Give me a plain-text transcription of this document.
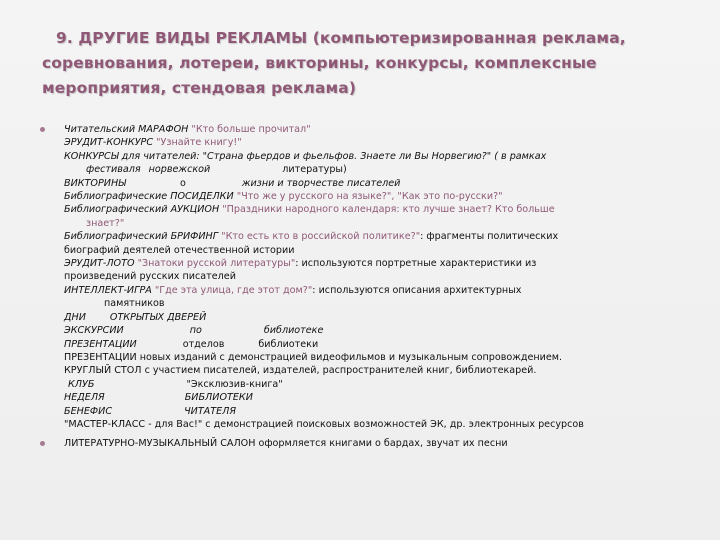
9. ДРУГИЕ ВИДЫ РЕКЛАМЫ (компьютеризированная реклама,
соревнования, лотереи, викторины, конкурсы, комплексные
мероприятия, стендовая реклама)
Читательский МАРАФОН "Кто больше прочитал"
ЭРУДИТ-КОНКУРС "Узнайте книгу!"
КОНКУРСЫ для читателей: "Страна фьердов и фьельфов. Знаете ли Вы Норвегию?" ( в рамках
фестиваля норвежской	литературы)
ВИКТОРИНЫ	о	жизни и творчестве писателей
Библиографические ПОСИДЕЛКИ "Что же у русского на языке?", "Как это по-русски?"
Библиографический АУКЦИОН "Праздники народного календаря: кто лучше знает? Кто больше
знает?"
Библиографический БРИФИНГ "Кто есть кто в российской политике?": фрагменты политических
биографий деятелей отечественной истории
ЭРУДИТ-ЛОТО "Знатоки русской литературы": используются портретные характеристики из
произведений русских писателей
ИНТЕЛЛЕКТ-ИГРА "Где эта улица, где этот дом?": используются описания архитектурных
памятников
ДНИ	ОТКРЫТЫХ ДВЕРЕЙ
ЭКСКУРСИИ	по	библиотеке
ПРЕЗЕНТАЦИИ	отделов	библиотеки
ПРЕЗЕНТАЦИИ новых изданий с демонстрацией видеофильмов и музыкальным сопровождением.
КРУГЛЫЙ СТОЛ с участием писателей, издателей, распространителей книг, библиотекарей.
КЛУБ	"Эксклюзив-книга"
НЕДЕЛЯ	БИБЛИОТЕКИ
БЕНЕФИС	ЧИТАТЕЛЯ
"МАСТЕР-КЛАСС - для Вас!" с демонстрацией поисковых возможностей ЭК, др. электронных ресурсов
ЛИТЕРАТУРНО-МУЗЫКАЛЬНЫЙ САЛОН оформляется книгами о бардах, звучат их песни
